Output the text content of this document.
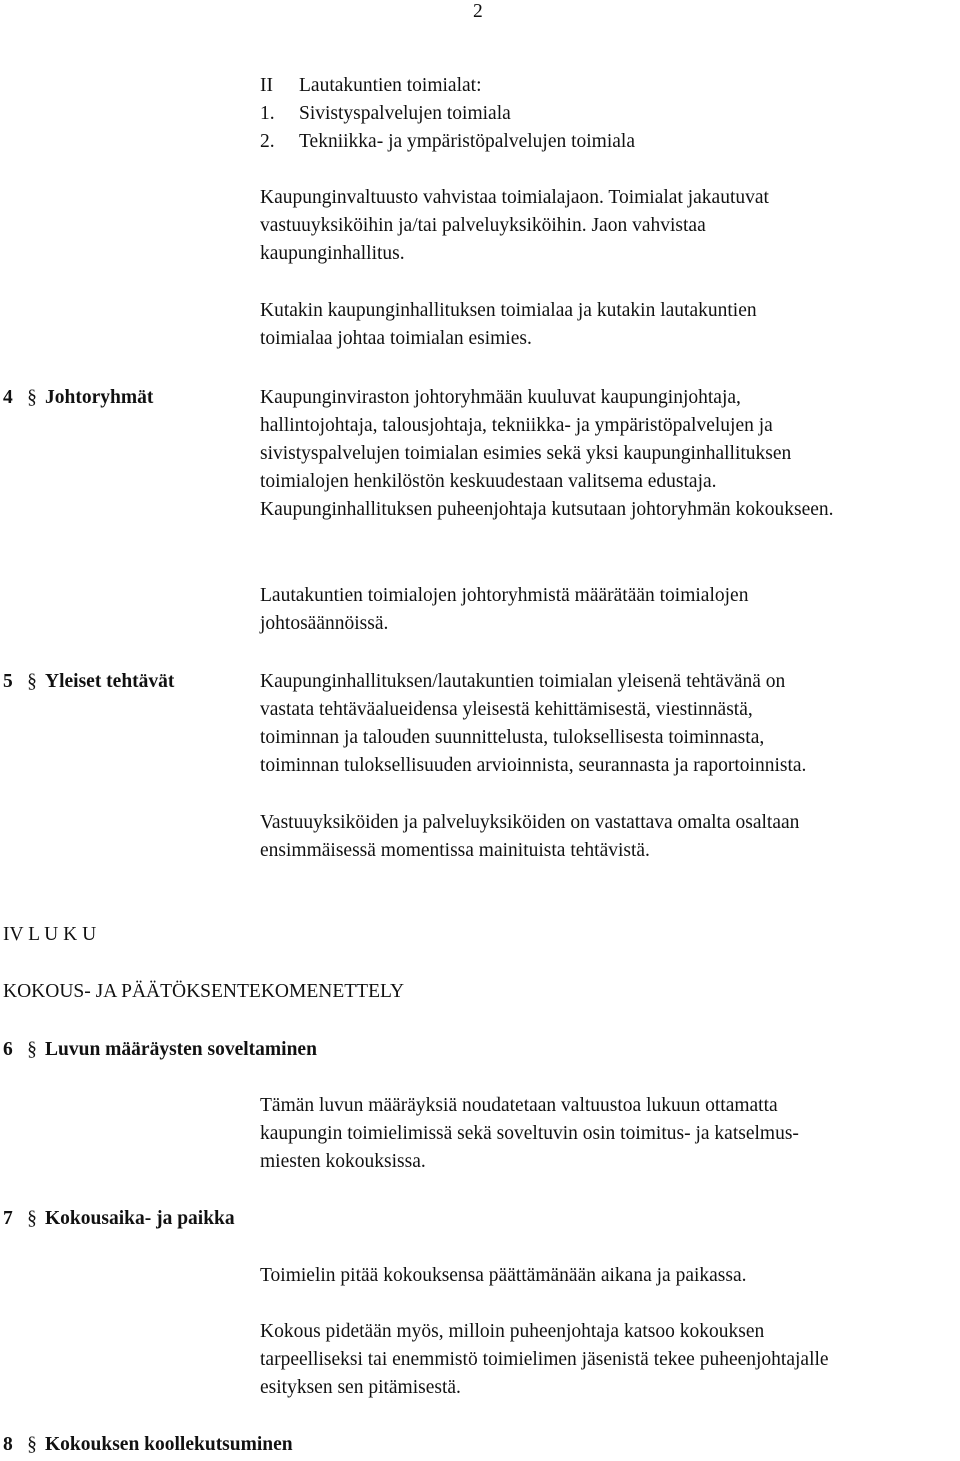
2
II Lautakuntien toimialat:
1. Sivistyspalvelujen toimiala
2. Tekniikka- ja ympäristöpalvelujen toimiala
Kaupunginvaltuusto vahvistaa toimialajaon. Toimialat jakautuvat
vastuuyksiköihin ja/tai palveluyksiköihin. Jaon vahvistaa
kaupunginhallitus.
Kutakin kaupunginhallituksen toimialaa ja kutakin lautakuntien
toimialaa johtaa toimialan esimies.
4 § Johtoryhmät	Kaupunginviraston johtoryhmään kuuluvat kaupunginjohtaja,
hallintojohtaja, talousjohtaja, tekniikka- ja ympäristöpalvelujen ja
sivistyspalvelujen toimialan esimies sekä yksi kaupunginhallituksen
toimialojen henkilöstön keskuudestaan valitsema edustaja.
Kaupunginhallituksen puheenjohtaja kutsutaan johtoryhmän kokoukseen.
Lautakuntien toimialojen johtoryhmistä määrätään toimialojen
johtosäännöissä.
5 § Yleiset tehtävät	Kaupunginhallituksen/lautakuntien toimialan yleisenä tehtävänä on
vastata tehtäväalueidensa yleisestä kehittämisestä, viestinnästä,
toiminnan ja talouden suunnittelusta, tuloksellisesta toiminnasta,
toiminnan tuloksellisuuden arvioinnista, seurannasta ja raportoinnista.
Vastuuyksiköiden ja palveluyksiköiden on vastattava omalta osaltaan
ensimmäisessä momentissa mainituista tehtävistä.
IV L U K U
KOKOUS- JA PÄÄTÖKSENTEKOMENETTELY
6 § Luvun määräysten soveltaminen
Tämän luvun määräyksiä noudatetaan valtuustoa lukuun ottamatta
kaupungin toimielimissä sekä soveltuvin osin toimitus- ja katselmus-
miesten kokouksissa.
7 § Kokousaika- ja paikka
Toimielin pitää kokouksensa päättämänään aikana ja paikassa.
Kokous pidetään myös, milloin puheenjohtaja katsoo kokouksen
tarpeelliseksi tai enemmistö toimielimen jäsenistä tekee puheenjohtajalle
esityksen sen pitämisestä.
8 § Kokouksen koollekutsuminen
